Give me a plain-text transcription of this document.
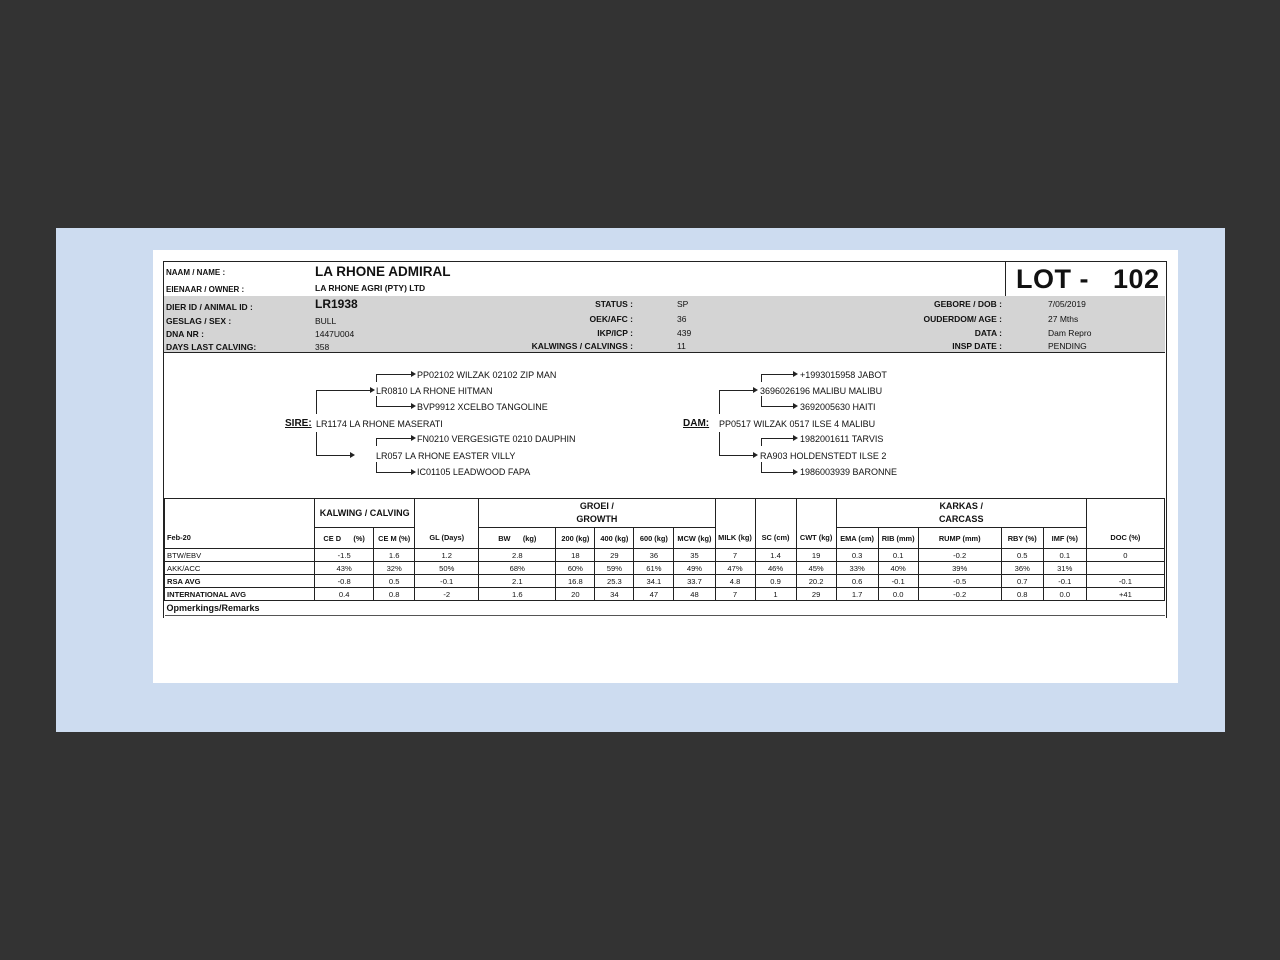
NAAM / NAME :	LA RHONE ADMIRAL
EIENAAR / OWNER :	LA RHONE AGRI (PTY) LTD	LOT -   102
DIER ID / ANIMAL ID :	LR1938
GESLAG / SEX :	BULL
DNA NR :	1447U004
DAYS LAST CALVING:	358
STATUS :	SP
OEK/AFC :	36
IKP/ICP :	439
KALWINGS / CALVINGS :	11
GEBORE / DOB :	7/05/2019
OUDERDOM/ AGE :	27 Mths
DATA :	Dam Repro
INSP DATE :	PENDING
SIRE: LR1174 LA RHONE MASERATI
LR0810 LA RHONE HITMAN
PP02102 WILZAK 02102 ZIP MAN
BVP9912 XCELBO TANGOLINE
LR057 LA RHONE EASTER VILLY
FN0210 VERGESIGTE 0210 DAUPHIN
IC01105 LEADWOOD FAPA
DAM: PP0517 WILZAK 0517 ILSE 4 MALIBU
3696026196 MALIBU MALIBU
+1993015958 JABOT
3692005630 HAITI
RA903 HOLDENSTEDT ILSE 2
1982001611 TARVIS
1986003939 BARONNE
	KALWING / CALVING			GROEI / GROWTH								KARKAS / CARCASS					
Feb-20	CE D      (%)	CE M (%)	GL (Days)	BW      (kg)	200 (kg)	400 (kg)	600 (kg)	MCW (kg)	MILK (kg)	SC (cm)	CWT (kg)	EMA (cm)	RIB (mm)	RUMP (mm)	RBY (%)	IMF (%)	DOC (%)
BTW/EBV	-1.5	1.6	1.2	2.8	18	29	36	35	7	1.4	19	0.3	0.1	-0.2	0.5	0.1	0
AKK/ACC	43%	32%	50%	68%	60%	59%	61%	49%	47%	46%	45%	33%	40%	39%	36%	31%	
RSA AVG	-0.8	0.5	-0.1	2.1	16.8	25.3	34.1	33.7	4.8	0.9	20.2	0.6	-0.1	-0.5	0.7	-0.1	-0.1
INTERNATIONAL AVG	0.4	0.8	-2	1.6	20	34	47	48	7	1	29	1.7	0.0	-0.2	0.8	0.0	+41
Opmerkings/Remarks																	
